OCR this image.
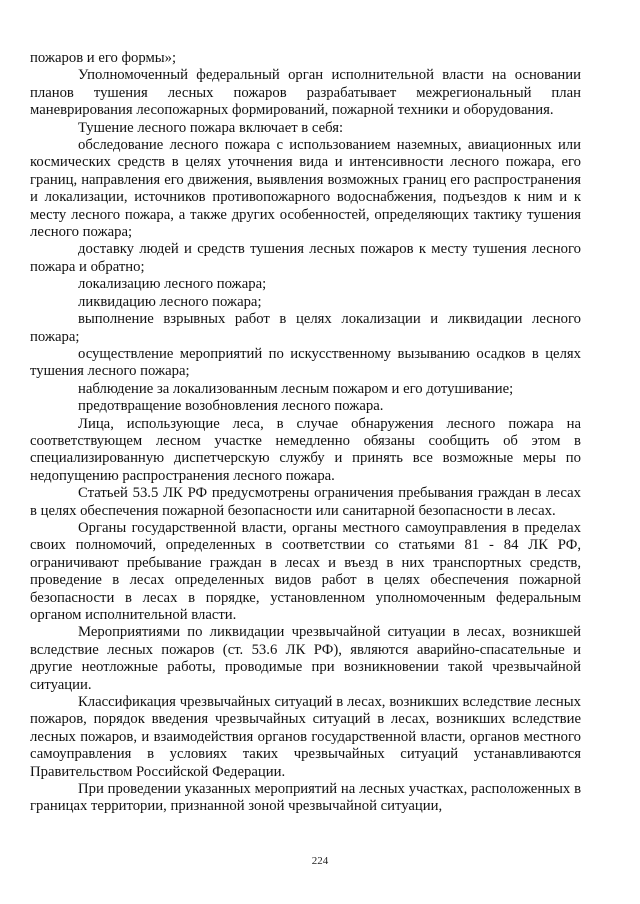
пожаров и его формы»;

Уполномоченный федеральный орган исполнительной власти на основании планов тушения лесных пожаров разрабатывает межрегиональный план маневрирования лесопожарных формирований, пожарной техники и оборудования.

Тушение лесного пожара включает в себя:

обследование лесного пожара с использованием наземных, авиационных или космических средств в целях уточнения вида и интенсивности лесного пожара, его границ, направления его движения, выявления возможных границ его распространения и локализации, источников противопожарного водоснабжения, подъездов к ним и к месту лесного пожара, а также других особенностей, определяющих тактику тушения лесного пожара;

доставку людей и средств тушения лесных пожаров к месту тушения лесного пожара и обратно;

локализацию лесного пожара;

ликвидацию лесного пожара;

выполнение взрывных работ в целях локализации и ликвидации лесного пожара;

осуществление мероприятий по искусственному вызыванию осадков в целях тушения лесного пожара;

наблюдение за локализованным лесным пожаром и его дотушивание;

предотвращение возобновления лесного пожара.

Лица, использующие леса, в случае обнаружения лесного пожара на соответствующем лесном участке немедленно обязаны сообщить об этом в специализированную диспетчерскую службу и принять все возможные меры по недопущению распространения лесного пожара.

Статьей 53.5 ЛК РФ предусмотрены ограничения пребывания граждан в лесах в целях обеспечения пожарной безопасности или санитарной безопасности в лесах.

Органы государственной власти, органы местного самоуправления в пределах своих полномочий, определенных в соответствии со статьями 81 - 84 ЛК РФ, ограничивают пребывание граждан в лесах и въезд в них транспортных средств, проведение в лесах определенных видов работ в целях обеспечения пожарной безопасности в лесах в порядке, установленном уполномоченным федеральным органом исполнительной власти.

Мероприятиями по ликвидации чрезвычайной ситуации в лесах, возникшей вследствие лесных пожаров (ст. 53.6 ЛК РФ), являются аварийно-спасательные и другие неотложные работы, проводимые при возникновении такой чрезвычайной ситуации.

Классификация чрезвычайных ситуаций в лесах, возникших вследствие лесных пожаров, порядок введения чрезвычайных ситуаций в лесах, возникших вследствие лесных пожаров, и взаимодействия органов государственной власти, органов местного самоуправления в условиях таких чрезвычайных ситуаций устанавливаются Правительством Российской Федерации.

При проведении указанных мероприятий на лесных участках, расположенных в границах территории, признанной зоной чрезвычайной ситуации,

224
